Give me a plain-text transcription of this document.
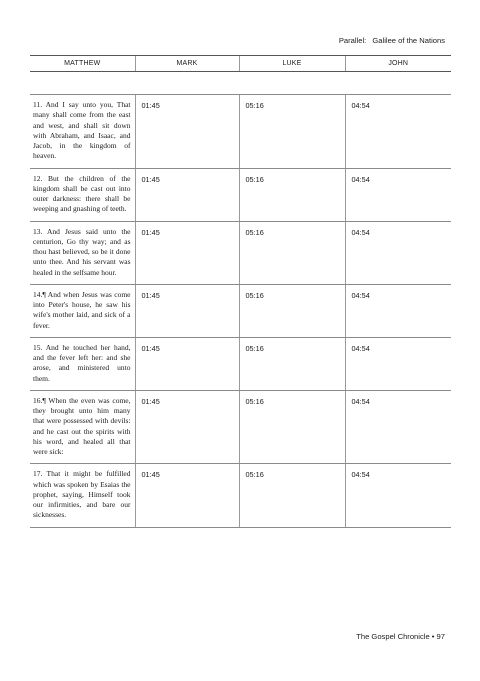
Parallel: Galilee of the Nations
MATTHEW	MARK	LUKE	JOHN

11. And I say unto you, That many shall come from the east and west, and shall sit down with Abraham, and Isaac, and Jacob, in the kingdom of heaven.	01:45	05:16	04:54
12. But the children of the kingdom shall be cast out into outer darkness: there shall be weeping and gnashing of teeth.	01:45	05:16	04:54
13. And Jesus said unto the centurion, Go thy way; and as thou hast believed, so be it done unto thee. And his servant was healed in the selfsame hour.	01:45	05:16	04:54
14.¶ And when Jesus was come into Peter's house, he saw his wife's mother laid, and sick of a fever.	01:45	05:16	04:54
15. And he touched her hand, and the fever left her: and she arose, and ministered unto them.	01:45	05:16	04:54
16.¶ When the even was come, they brought unto him many that were possessed with devils: and he cast out the spirits with his word, and healed all that were sick:	01:45	05:16	04:54
17. That it might be fulfilled which was spoken by Esaias the prophet, saying, Himself took our infirmities, and bare our sicknesses.	01:45	05:16	04:54
The Gospel Chronicle • 97
